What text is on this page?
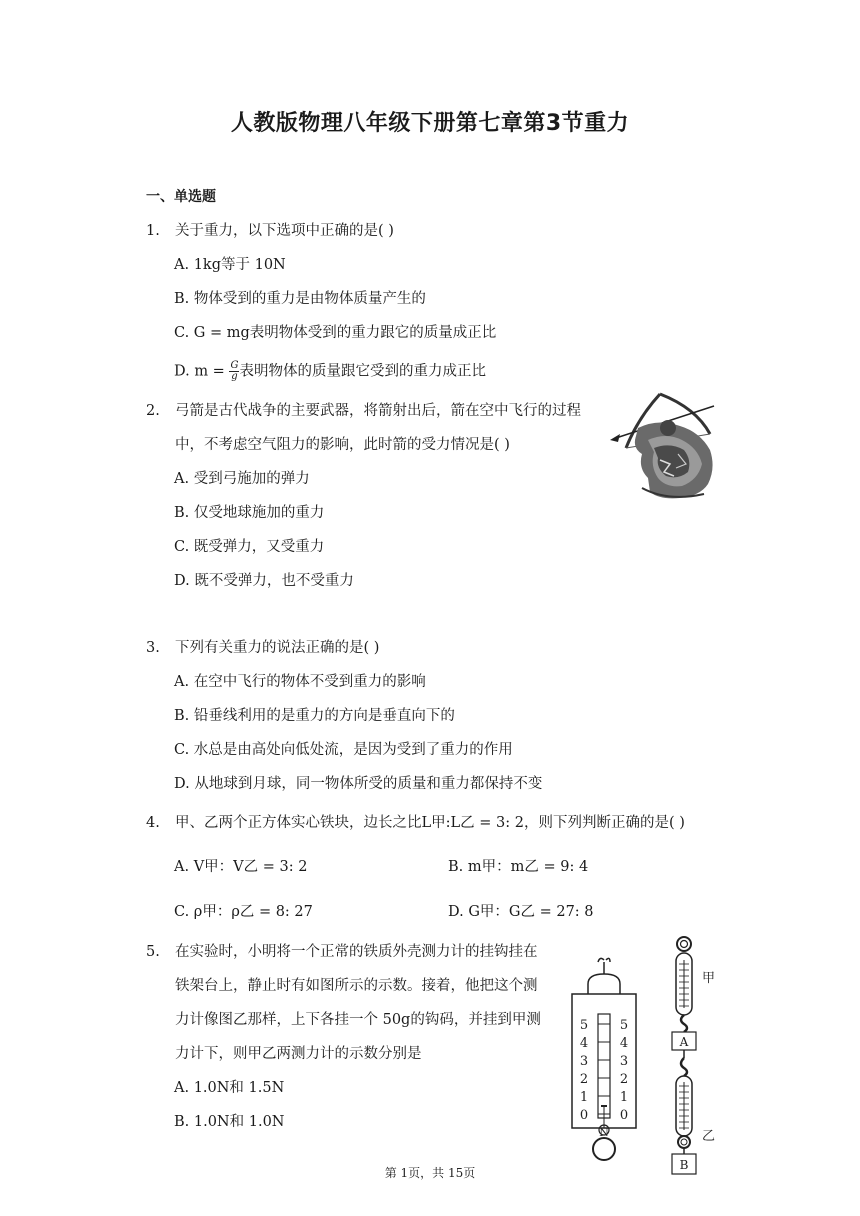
人教版物理八年级下册第七章第3节重力
一、单选题
1. 关于重力，以下选项中正确的是( )
A. 1kg等于 10N
B. 物体受到的重力是由物体质量产生的
C. G = mg表明物体受到的重力跟它的质量成正比
D. $m = \frac{G}{g}$ 表明物体的质量跟它受到的重力成正比
2. 弓箭是古代战争的主要武器，将箭射出后，箭在空中飞行的过程
中，不考虑空气阻力的影响，此时箭的受力情况是( )
A. 受到弓施加的弹力
B. 仅受地球施加的重力
C. 既受弹力，又受重力
D. 既不受弹力，也不受重力
3. 下列有关重力的说法正确的是( )
A. 在空中飞行的物体不受到重力的影响
B. 铅垂线利用的是重力的方向是垂直向下的
C. 水总是由高处向低处流，是因为受到了重力的作用
D. 从地球到月球，同一物体所受的质量和重力都保持不变
4. 甲、乙两个正方体实心铁块，边长之比L甲:L乙 = 3: 2，则下列判断正确的是( )
A. V甲：V乙 = 3: 2	B. m甲：m乙 = 9: 4
C. ρ甲：ρ乙 = 8: 27	D. G甲：G乙 = 27: 8
5. 在实验时，小明将一个正常的铁质外壳测力计的挂钩挂在
铁架台上，静止时有如图所示的示数。接着，他把这个测
力计像图乙那样，上下各挂一个 50g的钩码，并挂到甲测
力计下，则甲乙两测力计的示数分别是
A. 1.0N和 1.5N
B. 1.0N和 1.0N
5
4
3
2
1
0
5
4
3
2
1
0
N
A
B
甲
乙
第 1页，共 15页
